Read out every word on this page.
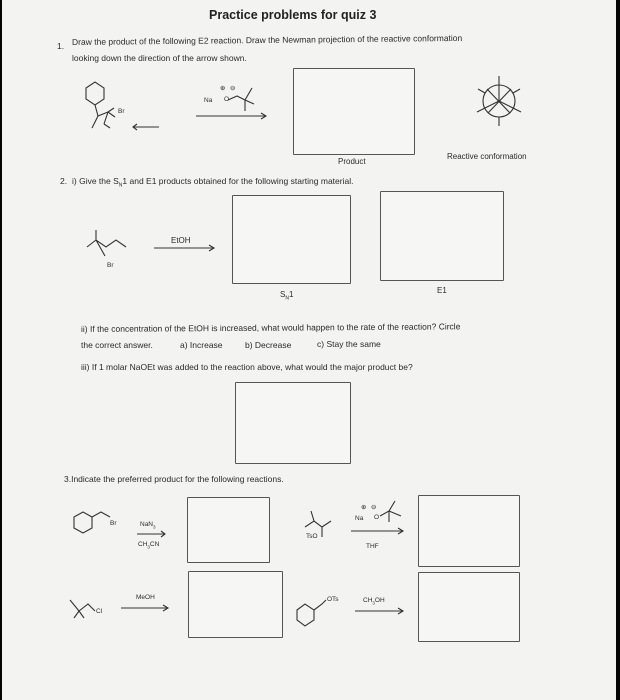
Practice problems for quiz 3
1. Draw the product of the following E2 reaction. Draw the Newman projection of the reactive conformation
looking down the direction of the arrow shown.
Br
⊕ ⊖
Na O
Product
Reactive conformation
2. i) Give the $S_N1$ and E1 products obtained for the following starting material.
Br
EtOH
$S_N1$	E1
ii) If the concentration of the EtOH is increased, what would happen to the rate of the reaction? Circle
the correct answer.	a) Increase	b) Decrease	c) Stay the same
iii) If 1 molar NaOEt was added to the reaction above, what would the major product be?
3.Indicate the preferred product for the following reactions.
Br	NaN$_3$
$CH_3CN$
TsO
⊕ ⊖
Na O
THF
Cl
MeOH	OTs	$CH_3OH$
